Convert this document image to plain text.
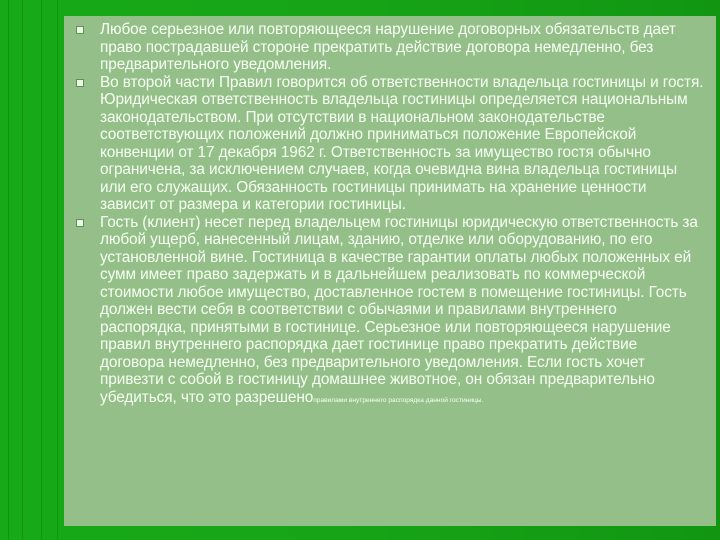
Любое серьезное или повторяющееся нарушение договорных обязательств дает право пострадавшей стороне прекратить действие договора немедленно, без предварительного уведомления.
Во второй части Правил говорится об ответственности владельца гостиницы и гостя. Юридическая ответственность владельца гостиницы определяется национальным законодательством. При отсутствии в национальном законодательстве соответствующих положений должно приниматься положение Европейской конвенции от 17 декабря 1962 г. Ответственность за имущество гостя обычно ограничена, за исключением случаев, когда очевидна вина владельца гостиницы или его служащих. Обязанность гостиницы принимать на хранение ценности зависит от размера и категории гостиницы.
Гость (клиент) несет перед владельцем гостиницы юридическую ответственность за любой ущерб, нанесенный лицам, зданию, отделке или оборудованию, по его установленной вине. Гостиница в качестве гарантии оплаты любых положенных ей сумм имеет право задержать и в дальнейшем реализовать по коммерческой стоимости любое имущество, доставленное гостем в помещение гостиницы. Гость должен вести себя в соответствии с обычаями и правилами внутреннего распорядка, принятыми в гостинице. Серьезное или повторяющееся нарушение правил внутреннего распорядка дает гостинице право прекратить действие договора немедленно, без предварительного уведомления. Если гость хочет привезти с собой в гостиницу домашнее животное, он обязан предварительно убедиться, что это разрешеноправилами внутреннего распорядка данной гостиницы.
